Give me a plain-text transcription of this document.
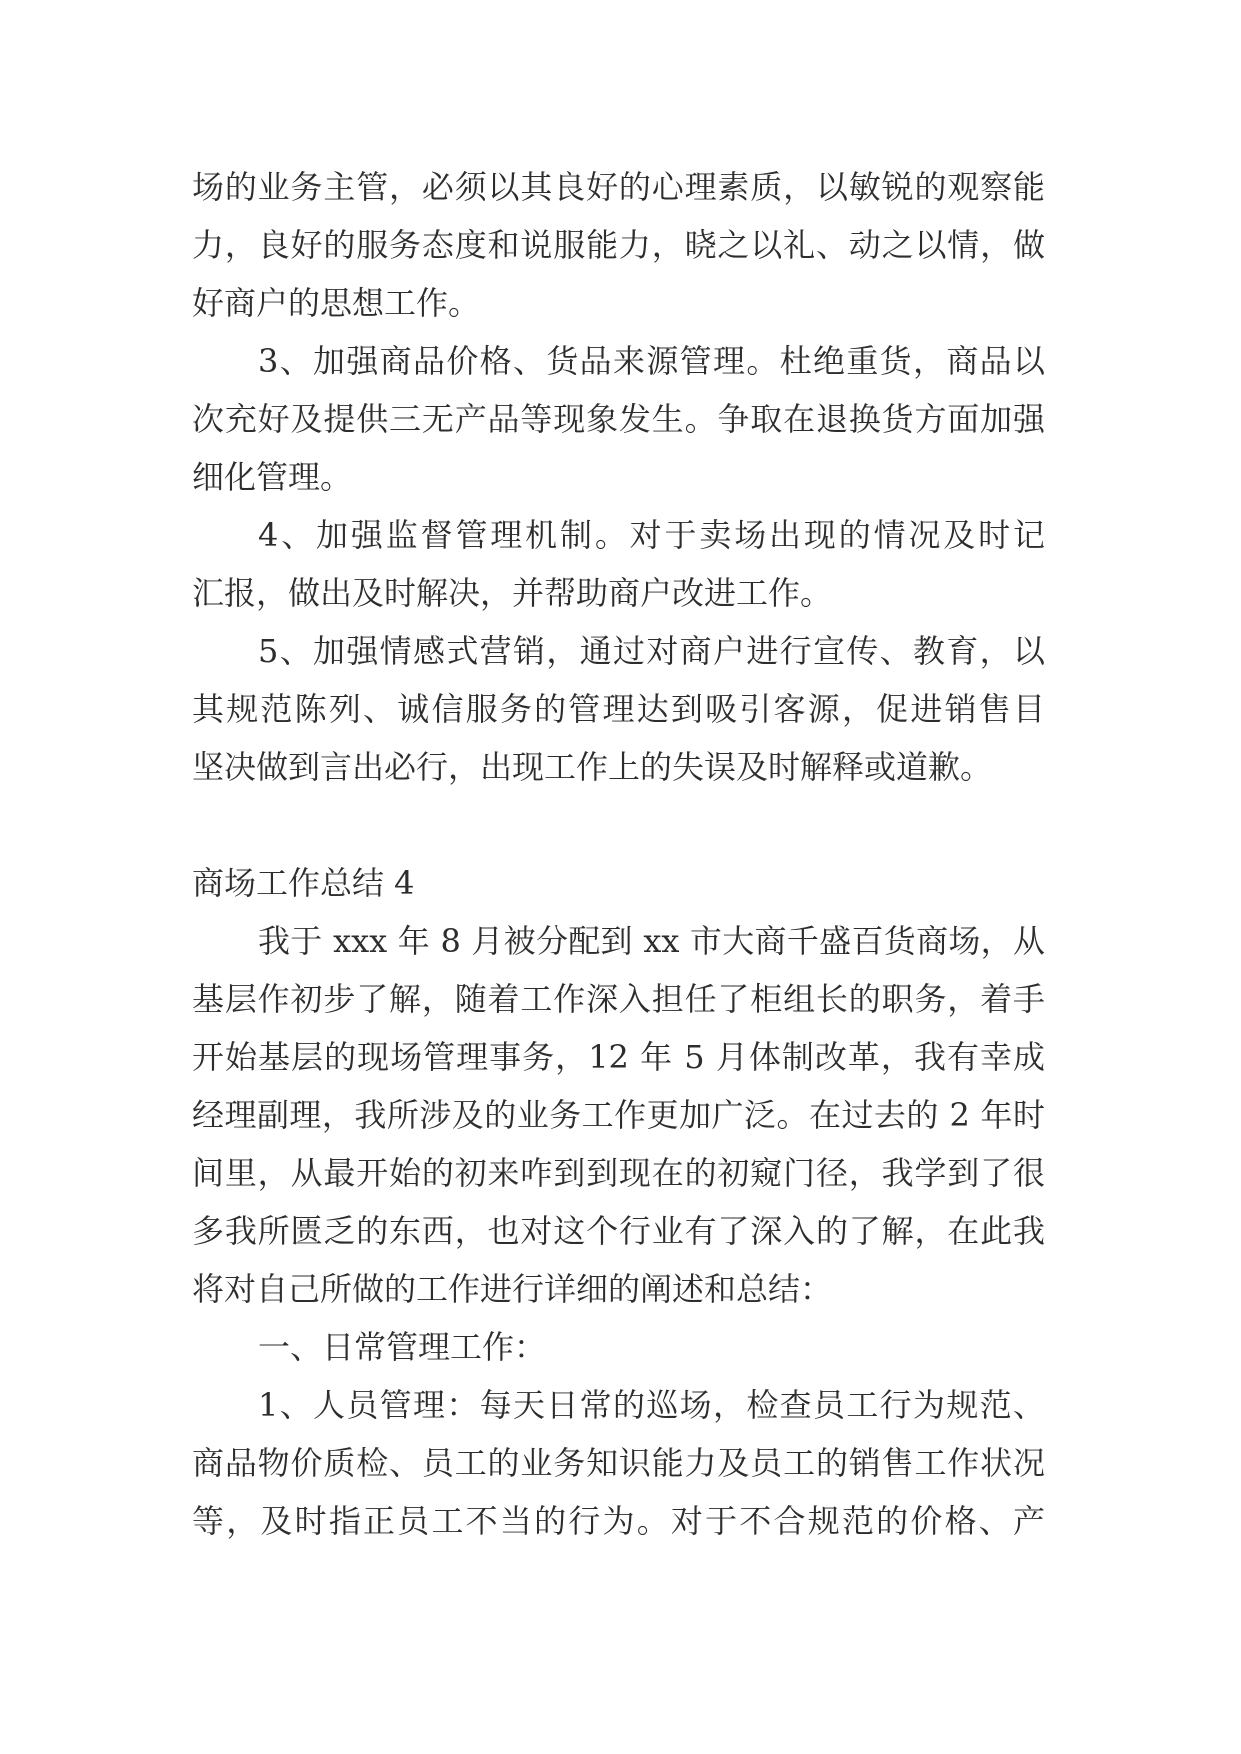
场的业务主管，必须以其良好的心理素质，以敏锐的观察能
力，良好的服务态度和说服能力，晓之以礼、动之以情，做
好商户的思想工作。
3、加强商品价格、货品来源管理。杜绝重货，商品以
次充好及提供三无产品等现象发生。争取在退换货方面加强
细化管理。
4、加强监督管理机制。对于卖场出现的情况及时记
汇报，做出及时解决，并帮助商户改进工作。
5、加强情感式营销，通过对商户进行宣传、教育，以
其规范陈列、诚信服务的管理达到吸引客源，促进销售目
坚决做到言出必行，出现工作上的失误及时解释或道歉。
商场工作总结 4
我于 xxx 年 8 月被分配到 xx 市大商千盛百货商场，从
基层作初步了解，随着工作深入担任了柜组长的职务，着手
开始基层的现场管理事务，12 年 5 月体制改革，我有幸成
经理副理，我所涉及的业务工作更加广泛。在过去的 2 年时
间里，从最开始的初来咋到到现在的初窥门径，我学到了很
多我所匮乏的东西，也对这个行业有了深入的了解，在此我
将对自己所做的工作进行详细的阐述和总结：
一、日常管理工作：
1、人员管理：每天日常的巡场，检查员工行为规范、
商品物价质检、员工的业务知识能力及员工的销售工作状况
等，及时指正员工不当的行为。对于不合规范的价格、产
